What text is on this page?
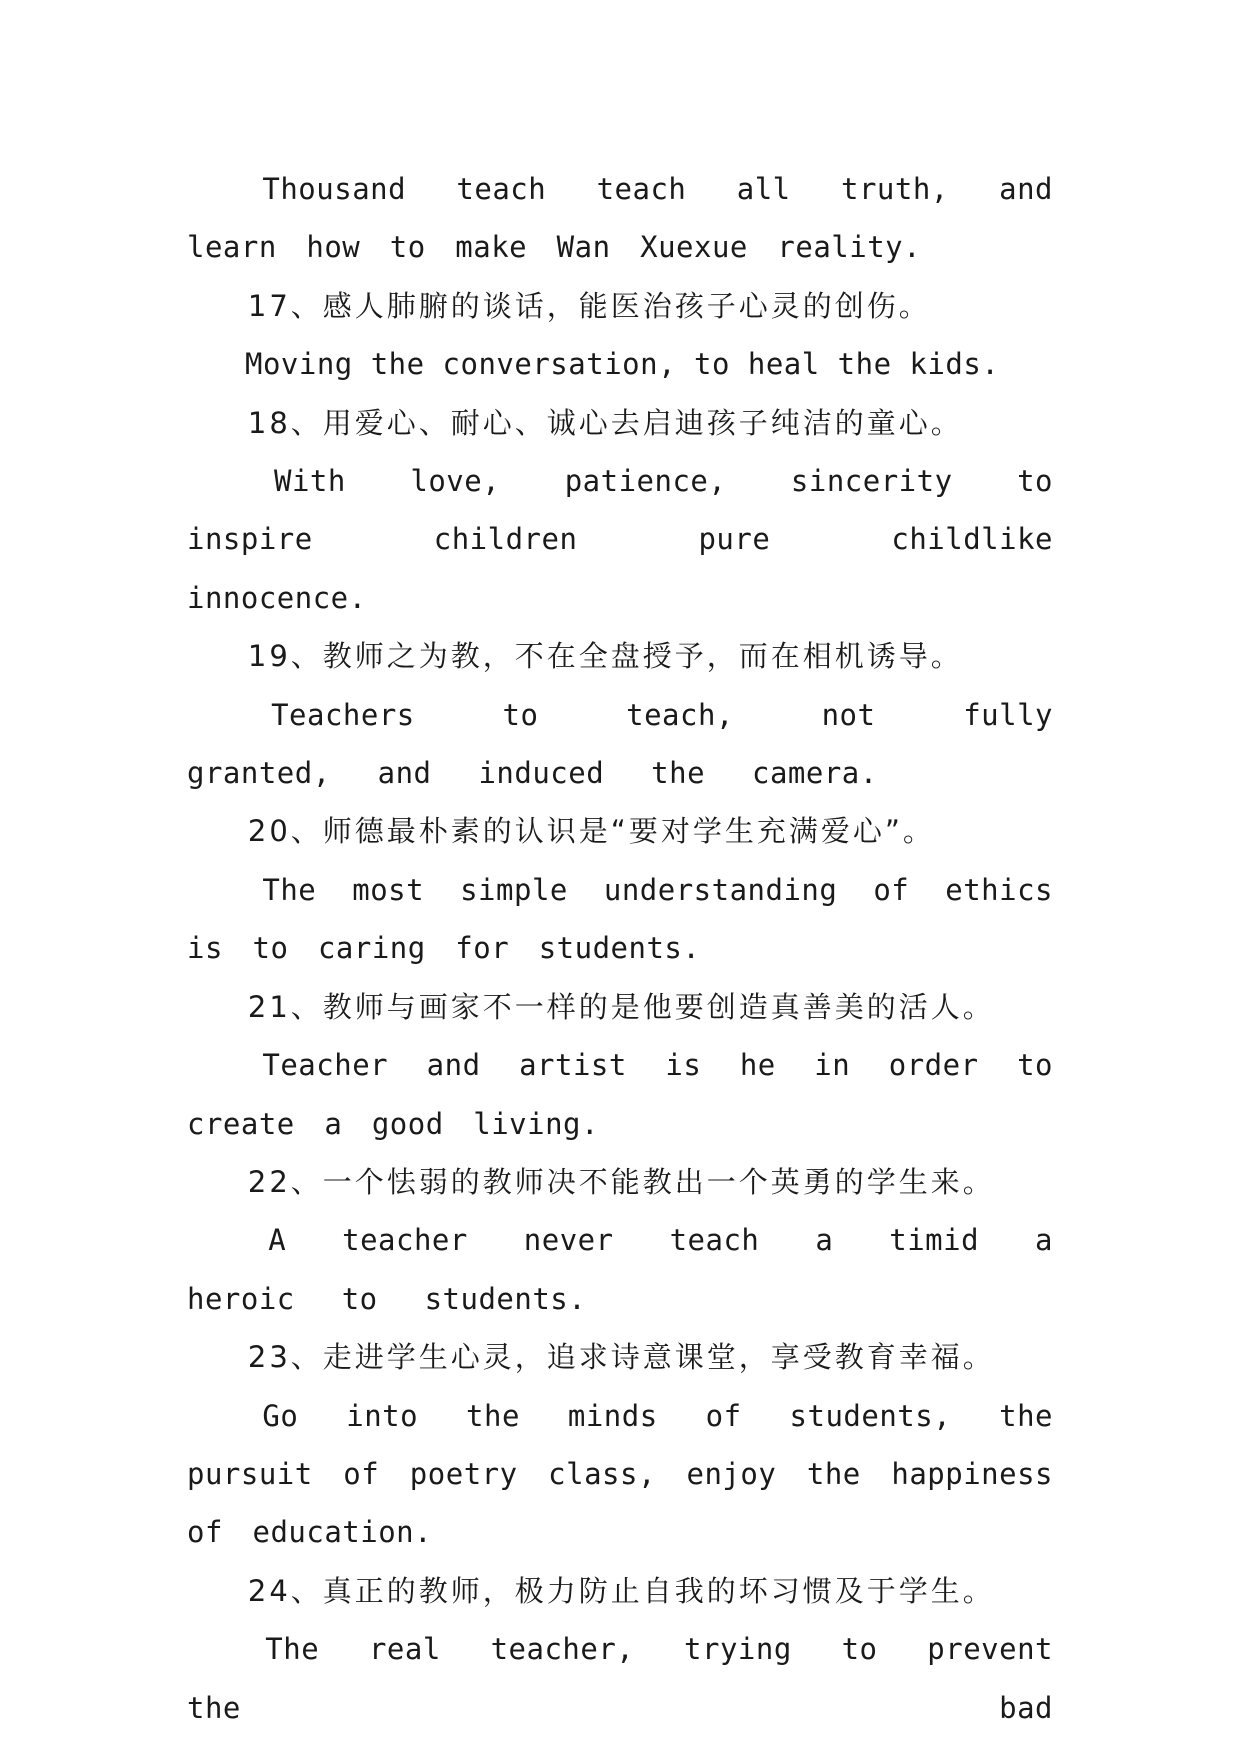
Thousand teach teach all truth, and learn how to make Wan Xuexue reality.

17、感人肺腑的谈话，能医治孩子心灵的创伤。

Moving the conversation, to heal the kids.

18、用爱心、耐心、诚心去启迪孩子纯洁的童心。

With love, patience, sincerity to inspire children pure childlike innocence.

19、教师之为教，不在全盘授予，而在相机诱导。

Teachers to teach, not fully granted, and induced the camera.

20、师德最朴素的认识是“要对学生充满爱心”。

The most simple understanding of ethics is to caring for students.

21、教师与画家不一样的是他要创造真善美的活人。

Teacher and artist is he in order to create a good living.

22、一个怯弱的教师决不能教出一个英勇的学生来。

A teacher never teach a timid a heroic to students.

23、走进学生心灵，追求诗意课堂，享受教育幸福。

Go into the minds of students, the pursuit of poetry class, enjoy the happiness of education.

24、真正的教师，极力防止自我的坏习惯及于学生。

The real teacher, trying to prevent the bad
